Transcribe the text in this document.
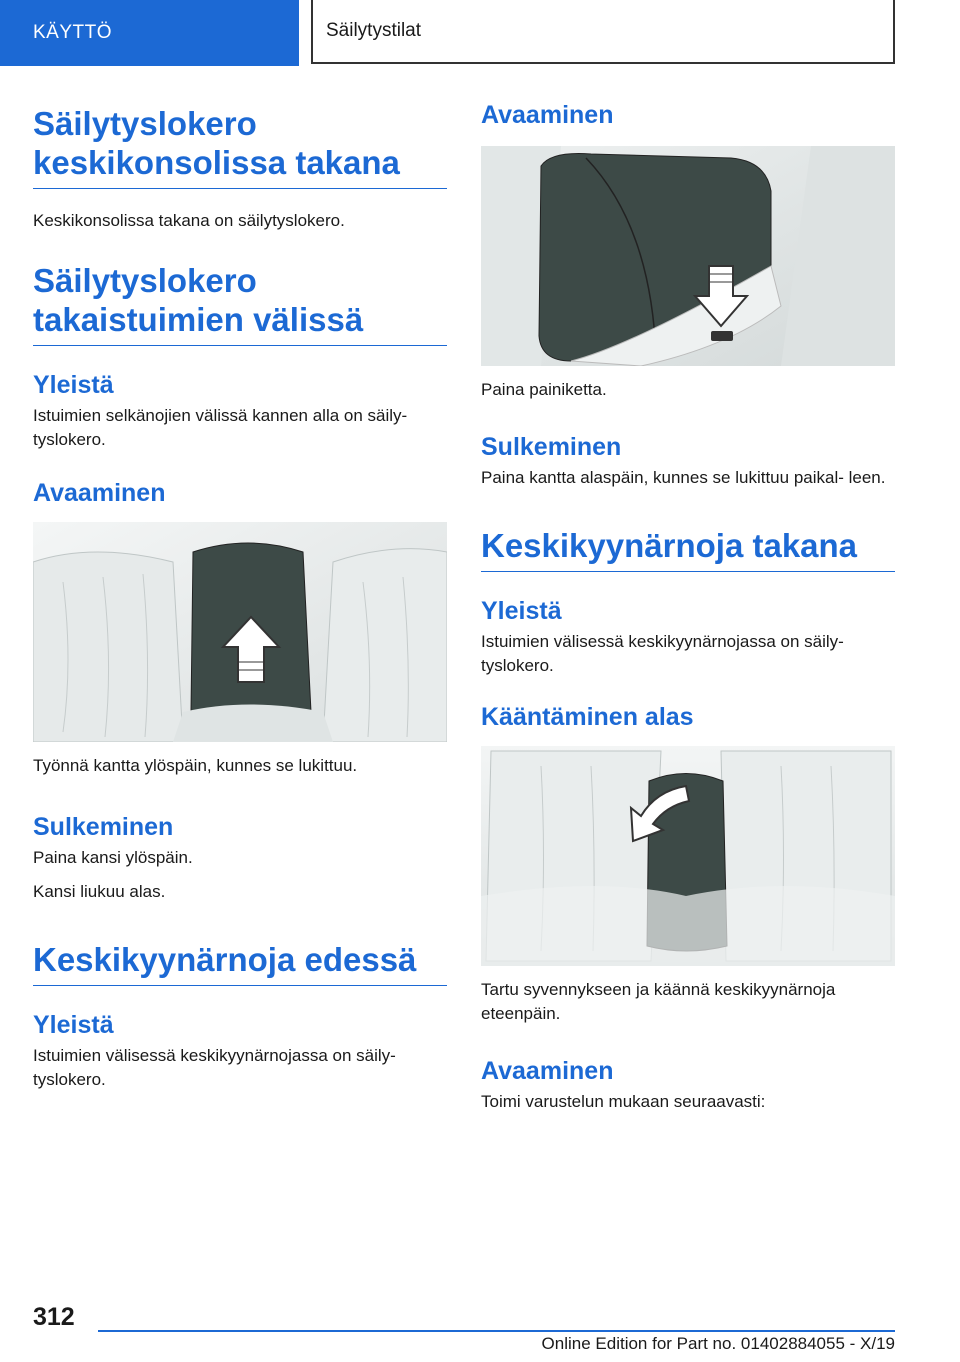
KÄYTTÖ	Säilytystilat
Säilytyslokero keskikonsolissa takana

Keskikonsolissa takana on säilytyslokero.

Säilytyslokero takaistuimien välissä
Yleistä

Istuimien selkänojien välissä kannen alla on säily‐ tyslokero.

Avaaminen

Työnnä kantta ylöspäin, kunnes se lukittuu.

Sulkeminen

Paina kansi ylöspäin.

Kansi liukuu alas.

Keskikyynärnoja edessä
Yleistä

Istuimien välisessä keskikyynärnojassa on säily‐ tyslokero.

Avaaminen

Paina painiketta.

Sulkeminen

Paina kantta alaspäin, kunnes se lukittuu paikal‐ leen.

Keskikyynärnoja takana
Yleistä

Istuimien välisessä keskikyynärnojassa on säily‐ tyslokero.

Kääntäminen alas

Tartu syvennykseen ja käännä keskikyynärnoja eteenpäin.

Avaaminen

Toimi varustelun mukaan seuraavasti:

312
Online Edition for Part no. 01402884055 - X/19
